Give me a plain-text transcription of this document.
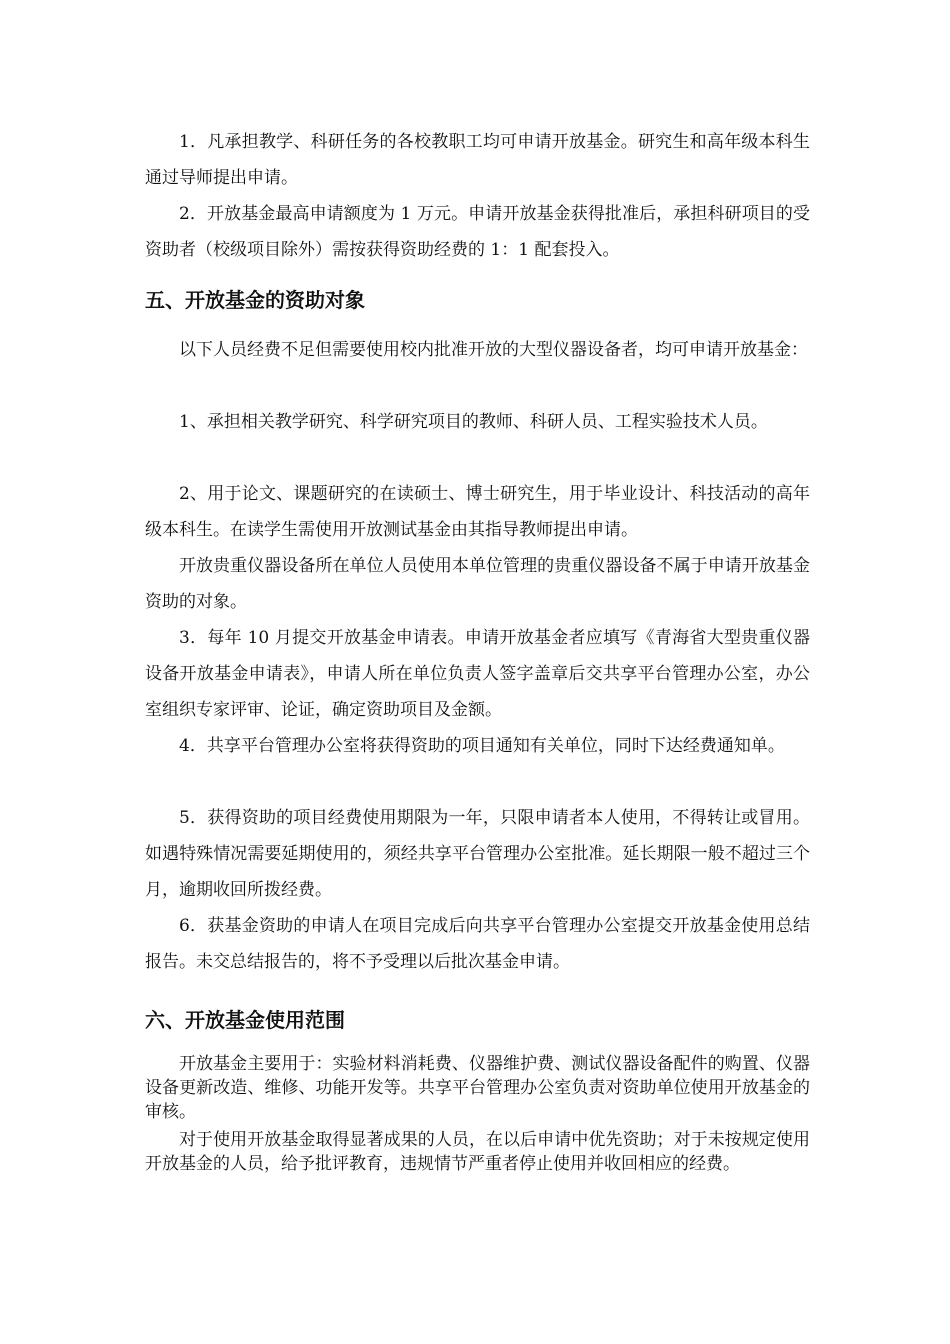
1．凡承担教学、科研任务的各校教职工均可申请开放基金。研究生和高年级本科生通过导师提出申请。

2．开放基金最高申请额度为 1 万元。申请开放基金获得批准后，承担科研项目的受资助者（校级项目除外）需按获得资助经费的 1：1 配套投入。

五、开放基金的资助对象

以下人员经费不足但需要使用校内批准开放的大型仪器设备者，均可申请开放基金：

1、承担相关教学研究、科学研究项目的教师、科研人员、工程实验技术人员。

2、用于论文、课题研究的在读硕士、博士研究生，用于毕业设计、科技活动的高年级本科生。在读学生需使用开放测试基金由其指导教师提出申请。

开放贵重仪器设备所在单位人员使用本单位管理的贵重仪器设备不属于申请开放基金资助的对象。

3．每年 10 月提交开放基金申请表。申请开放基金者应填写《青海省大型贵重仪器设备开放基金申请表》，申请人所在单位负责人签字盖章后交共享平台管理办公室，办公室组织专家评审、论证，确定资助项目及金额。

4．共享平台管理办公室将获得资助的项目通知有关单位，同时下达经费通知单。

5．获得资助的项目经费使用期限为一年，只限申请者本人使用，不得转让或冒用。如遇特殊情况需要延期使用的，须经共享平台管理办公室批准。延长期限一般不超过三个月，逾期收回所拨经费。

6．获基金资助的申请人在项目完成后向共享平台管理办公室提交开放基金使用总结报告。未交总结报告的，将不予受理以后批次基金申请。

六、开放基金使用范围

开放基金主要用于：实验材料消耗费、仪器维护费、测试仪器设备配件的购置、仪器设备更新改造、维修、功能开发等。共享平台管理办公室负责对资助单位使用开放基金的审核。

对于使用开放基金取得显著成果的人员，在以后申请中优先资助；对于未按规定使用开放基金的人员，给予批评教育，违规情节严重者停止使用并收回相应的经费。
